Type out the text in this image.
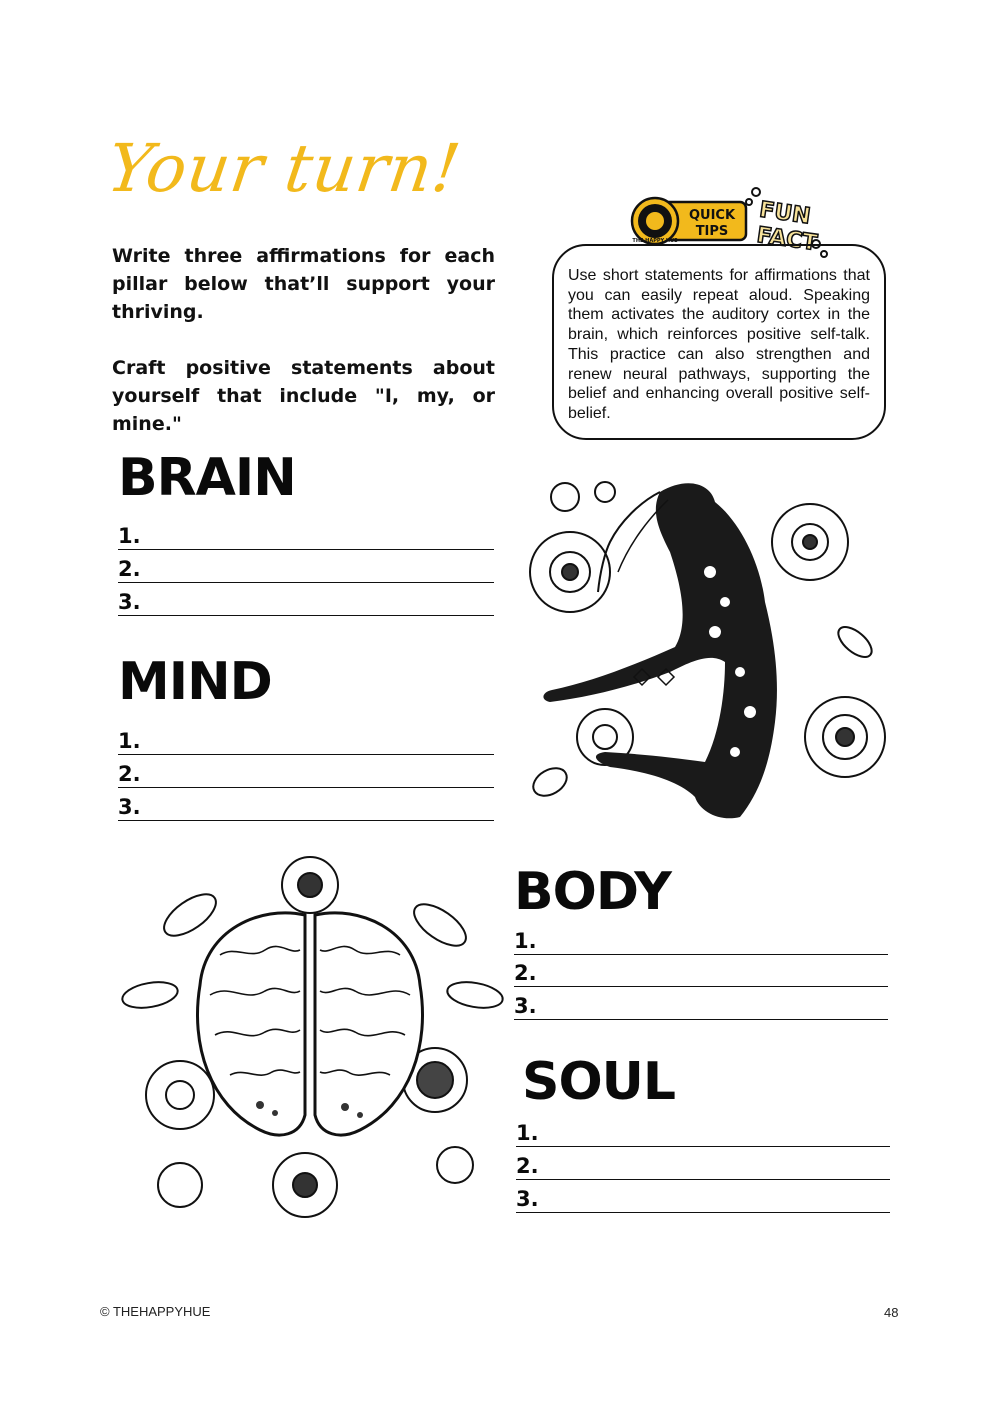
Your turn!
Write three affirmations for each pillar below that’ll support your thriving.
Craft positive statements about yourself that include "I, my, or mine."
THE HAPPY HUE
QUICK
TIPS
FUN
FACT
Use short statements for affirmations that you can easily repeat aloud. Speaking them activates the auditory cortex in the brain, which reinforces positive self-talk. This practice can also strengthen and renew neural pathways, supporting the belief and enhancing overall positive self-belief.
BRAIN
1.
2.
3.
MIND
1.
2.
3.
BODY
1.
2.
3.
SOUL
1.
2.
3.
© THEHAPPYHUE	48
